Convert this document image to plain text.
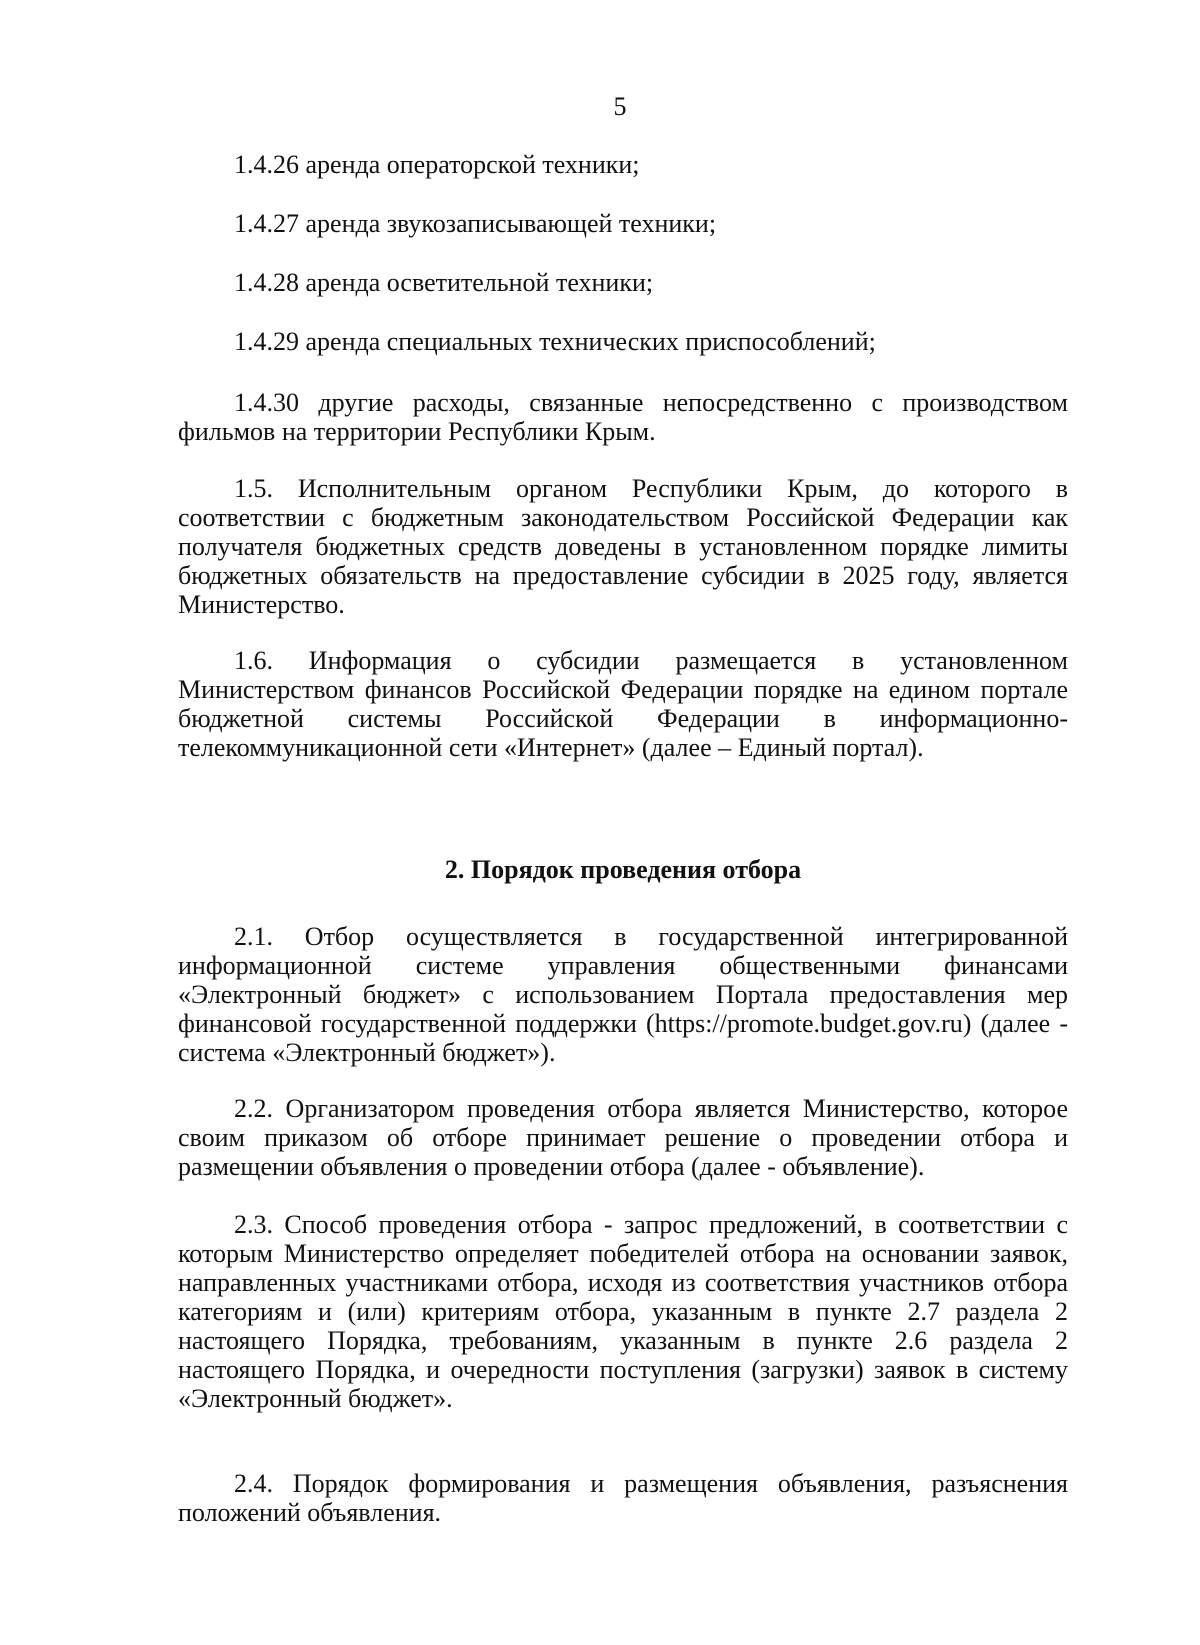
5

1.4.26 аренда операторской техники;

1.4.27 аренда звукозаписывающей техники;

1.4.28 аренда осветительной техники;

1.4.29 аренда специальных технических приспособлений;

1.4.30 другие расходы, связанные непосредственно с производством фильмов на территории Республики Крым.

1.5. Исполнительным органом Республики Крым, до которого в соответствии с бюджетным законодательством Российской Федерации как получателя бюджетных средств доведены в установленном порядке лимиты бюджетных обязательств на предоставление субсидии в 2025 году, является Министерство.

1.6. Информация о субсидии размещается в установленном Министерством финансов Российской Федерации порядке на едином портале бюджетной системы Российской Федерации в информационно-телекоммуникационной сети «Интернет» (далее – Единый портал).

2. Порядок проведения отбора

2.1. Отбор осуществляется в государственной интегрированной информационной системе управления общественными финансами «Электронный бюджет» с использованием Портала предоставления мер финансовой государственной поддержки (https://promote.budget.gov.ru) (далее - система «Электронный бюджет»).

2.2. Организатором проведения отбора является Министерство, которое своим приказом об отборе принимает решение о проведении отбора и размещении объявления о проведении отбора (далее - объявление).

2.3. Способ проведения отбора - запрос предложений, в соответствии с которым Министерство определяет победителей отбора на основании заявок, направленных участниками отбора, исходя из соответствия участников отбора категориям и (или) критериям отбора, указанным в пункте 2.7 раздела 2 настоящего Порядка, требованиям, указанным в пункте 2.6 раздела 2 настоящего Порядка, и очередности поступления (загрузки) заявок в систему «Электронный бюджет».

2.4. Порядок формирования и размещения объявления, разъяснения положений объявления.
